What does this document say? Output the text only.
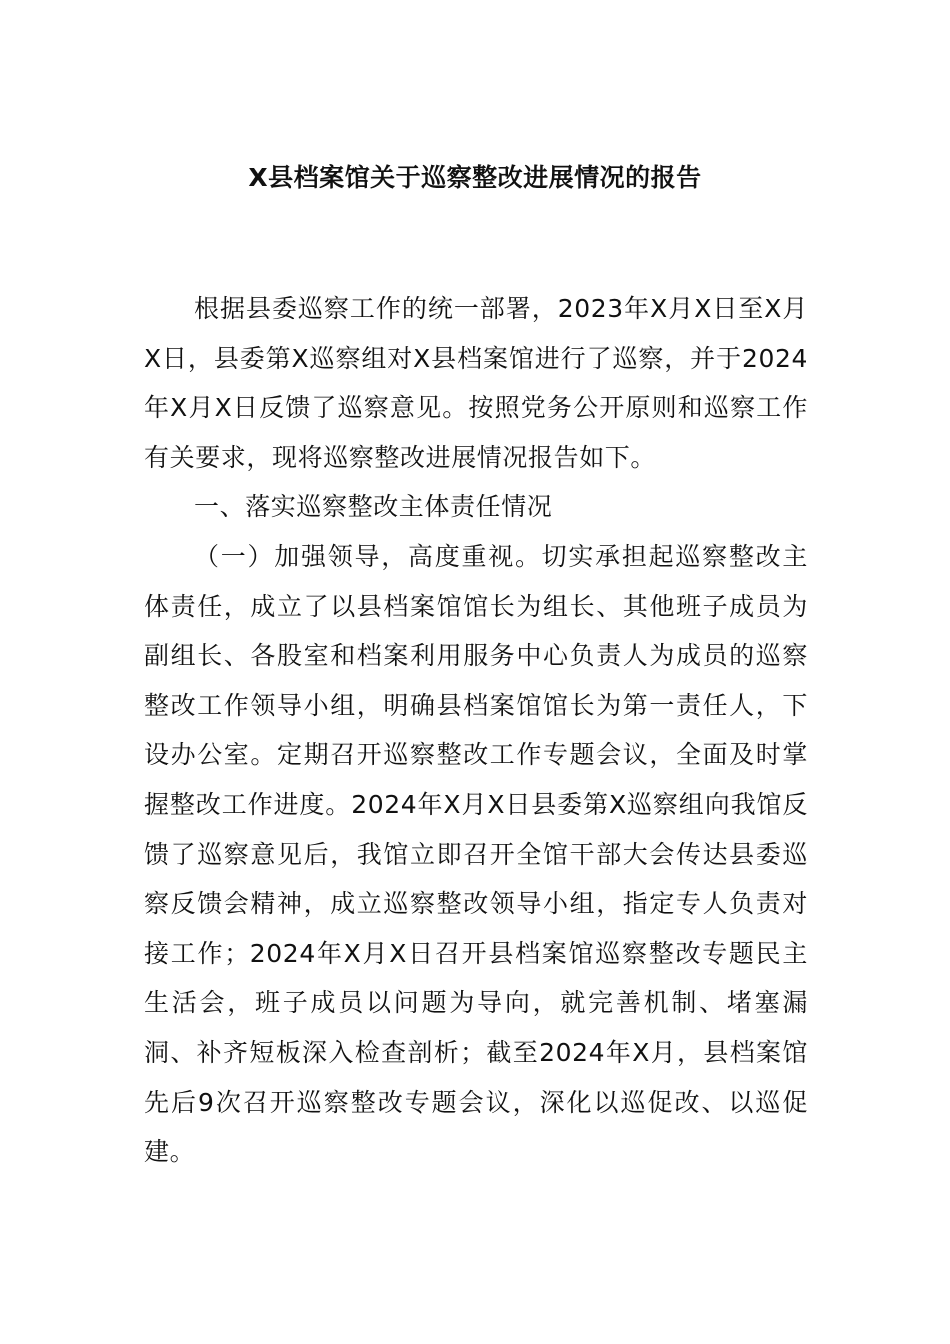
X县档案馆关于巡察整改进展情况的报告

根据县委巡察工作的统一部署，2023年X月X日至X月X日，县委第X巡察组对X县档案馆进行了巡察，并于2024年X月X日反馈了巡察意见。按照党务公开原则和巡察工作有关要求，现将巡察整改进展情况报告如下。

一、落实巡察整改主体责任情况

（一）加强领导，高度重视。切实承担起巡察整改主体责任，成立了以县档案馆馆长为组长、其他班子成员为副组长、各股室和档案利用服务中心负责人为成员的巡察整改工作领导小组，明确县档案馆馆长为第一责任人，下设办公室。定期召开巡察整改工作专题会议，全面及时掌握整改工作进度。2024年X月X日县委第X巡察组向我馆反馈了巡察意见后，我馆立即召开全馆干部大会传达县委巡察反馈会精神，成立巡察整改领导小组，指定专人负责对接工作；2024年X月X日召开县档案馆巡察整改专题民主生活会，班子成员以问题为导向，就完善机制、堵塞漏洞、补齐短板深入检查剖析；截至2024年X月，县档案馆先后9次召开巡察整改专题会议，深化以巡促改、以巡促建。
